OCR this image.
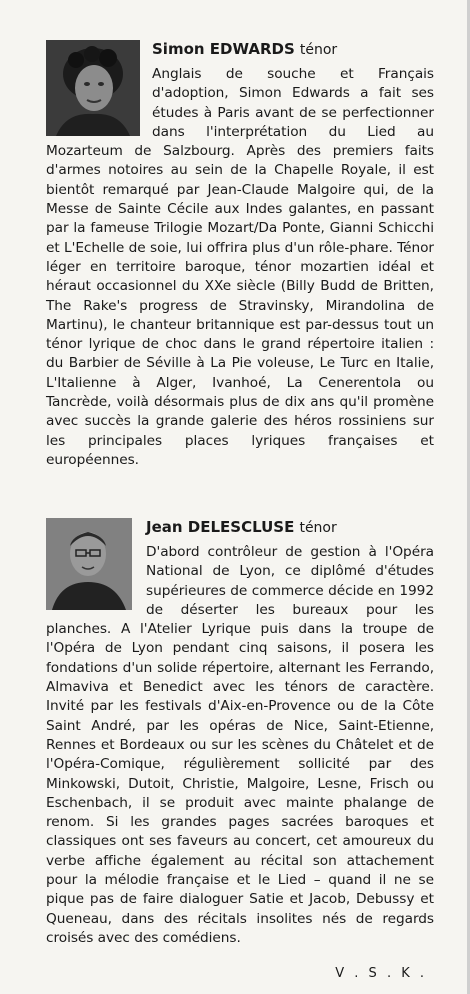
Simon EDWARDS ténor

Anglais de souche et Français d'adoption, Simon Edwards a fait ses études à Paris avant de se perfectionner dans l'interprétation du Lied au Mozarteum de Salzbourg. Après des premiers faits d'armes notoires au sein de la Chapelle Royale, il est bientôt remarqué par Jean-Claude Malgoire qui, de la Messe de Sainte Cécile aux Indes galantes, en passant par la fameuse Trilogie Mozart/Da Ponte, Gianni Schicchi et L'Echelle de soie, lui offrira plus d'un rôle-phare. Ténor léger en territoire baroque, ténor mozartien idéal et héraut occasionnel du XXe siècle (Billy Budd de Britten, The Rake's progress de Stravinsky, Mirandolina de Martinu), le chanteur britannique est par-dessus tout un ténor lyrique de choc dans le grand répertoire italien : du Barbier de Séville à La Pie voleuse, Le Turc en Italie, L'Italienne à Alger, Ivanhoé, La Cenerentola ou Tancrède, voilà désormais plus de dix ans qu'il promène avec succès la grande galerie des héros rossiniens sur les principales places lyriques françaises et européennes.

Jean DELESCLUSE ténor

D'abord contrôleur de gestion à l'Opéra National de Lyon, ce diplômé d'études supérieures de commerce décide en 1992 de déserter les bureaux pour les planches. A l'Atelier Lyrique puis dans la troupe de l'Opéra de Lyon pendant cinq saisons, il posera les fondations d'un solide répertoire, alternant les Ferrando, Almaviva et Benedict avec les ténors de caractère. Invité par les festivals d'Aix-en-Provence ou de la Côte Saint André, par les opéras de Nice, Saint-Etienne, Rennes et Bordeaux ou sur les scènes du Châtelet et de l'Opéra-Comique, régulièrement sollicité par des Minkowski, Dutoit, Christie, Malgoire, Lesne, Frisch ou Eschenbach, il se produit avec mainte phalange de renom. Si les grandes pages sacrées baroques et classiques ont ses faveurs au concert, cet amoureux du verbe affiche également au récital son attachement pour la mélodie française et le Lied – quand il ne se pique pas de faire dialoguer Satie et Jacob, Debussy et Queneau, dans des récitals insolites nés de regards croisés avec des comédiens.

V . S . K .
